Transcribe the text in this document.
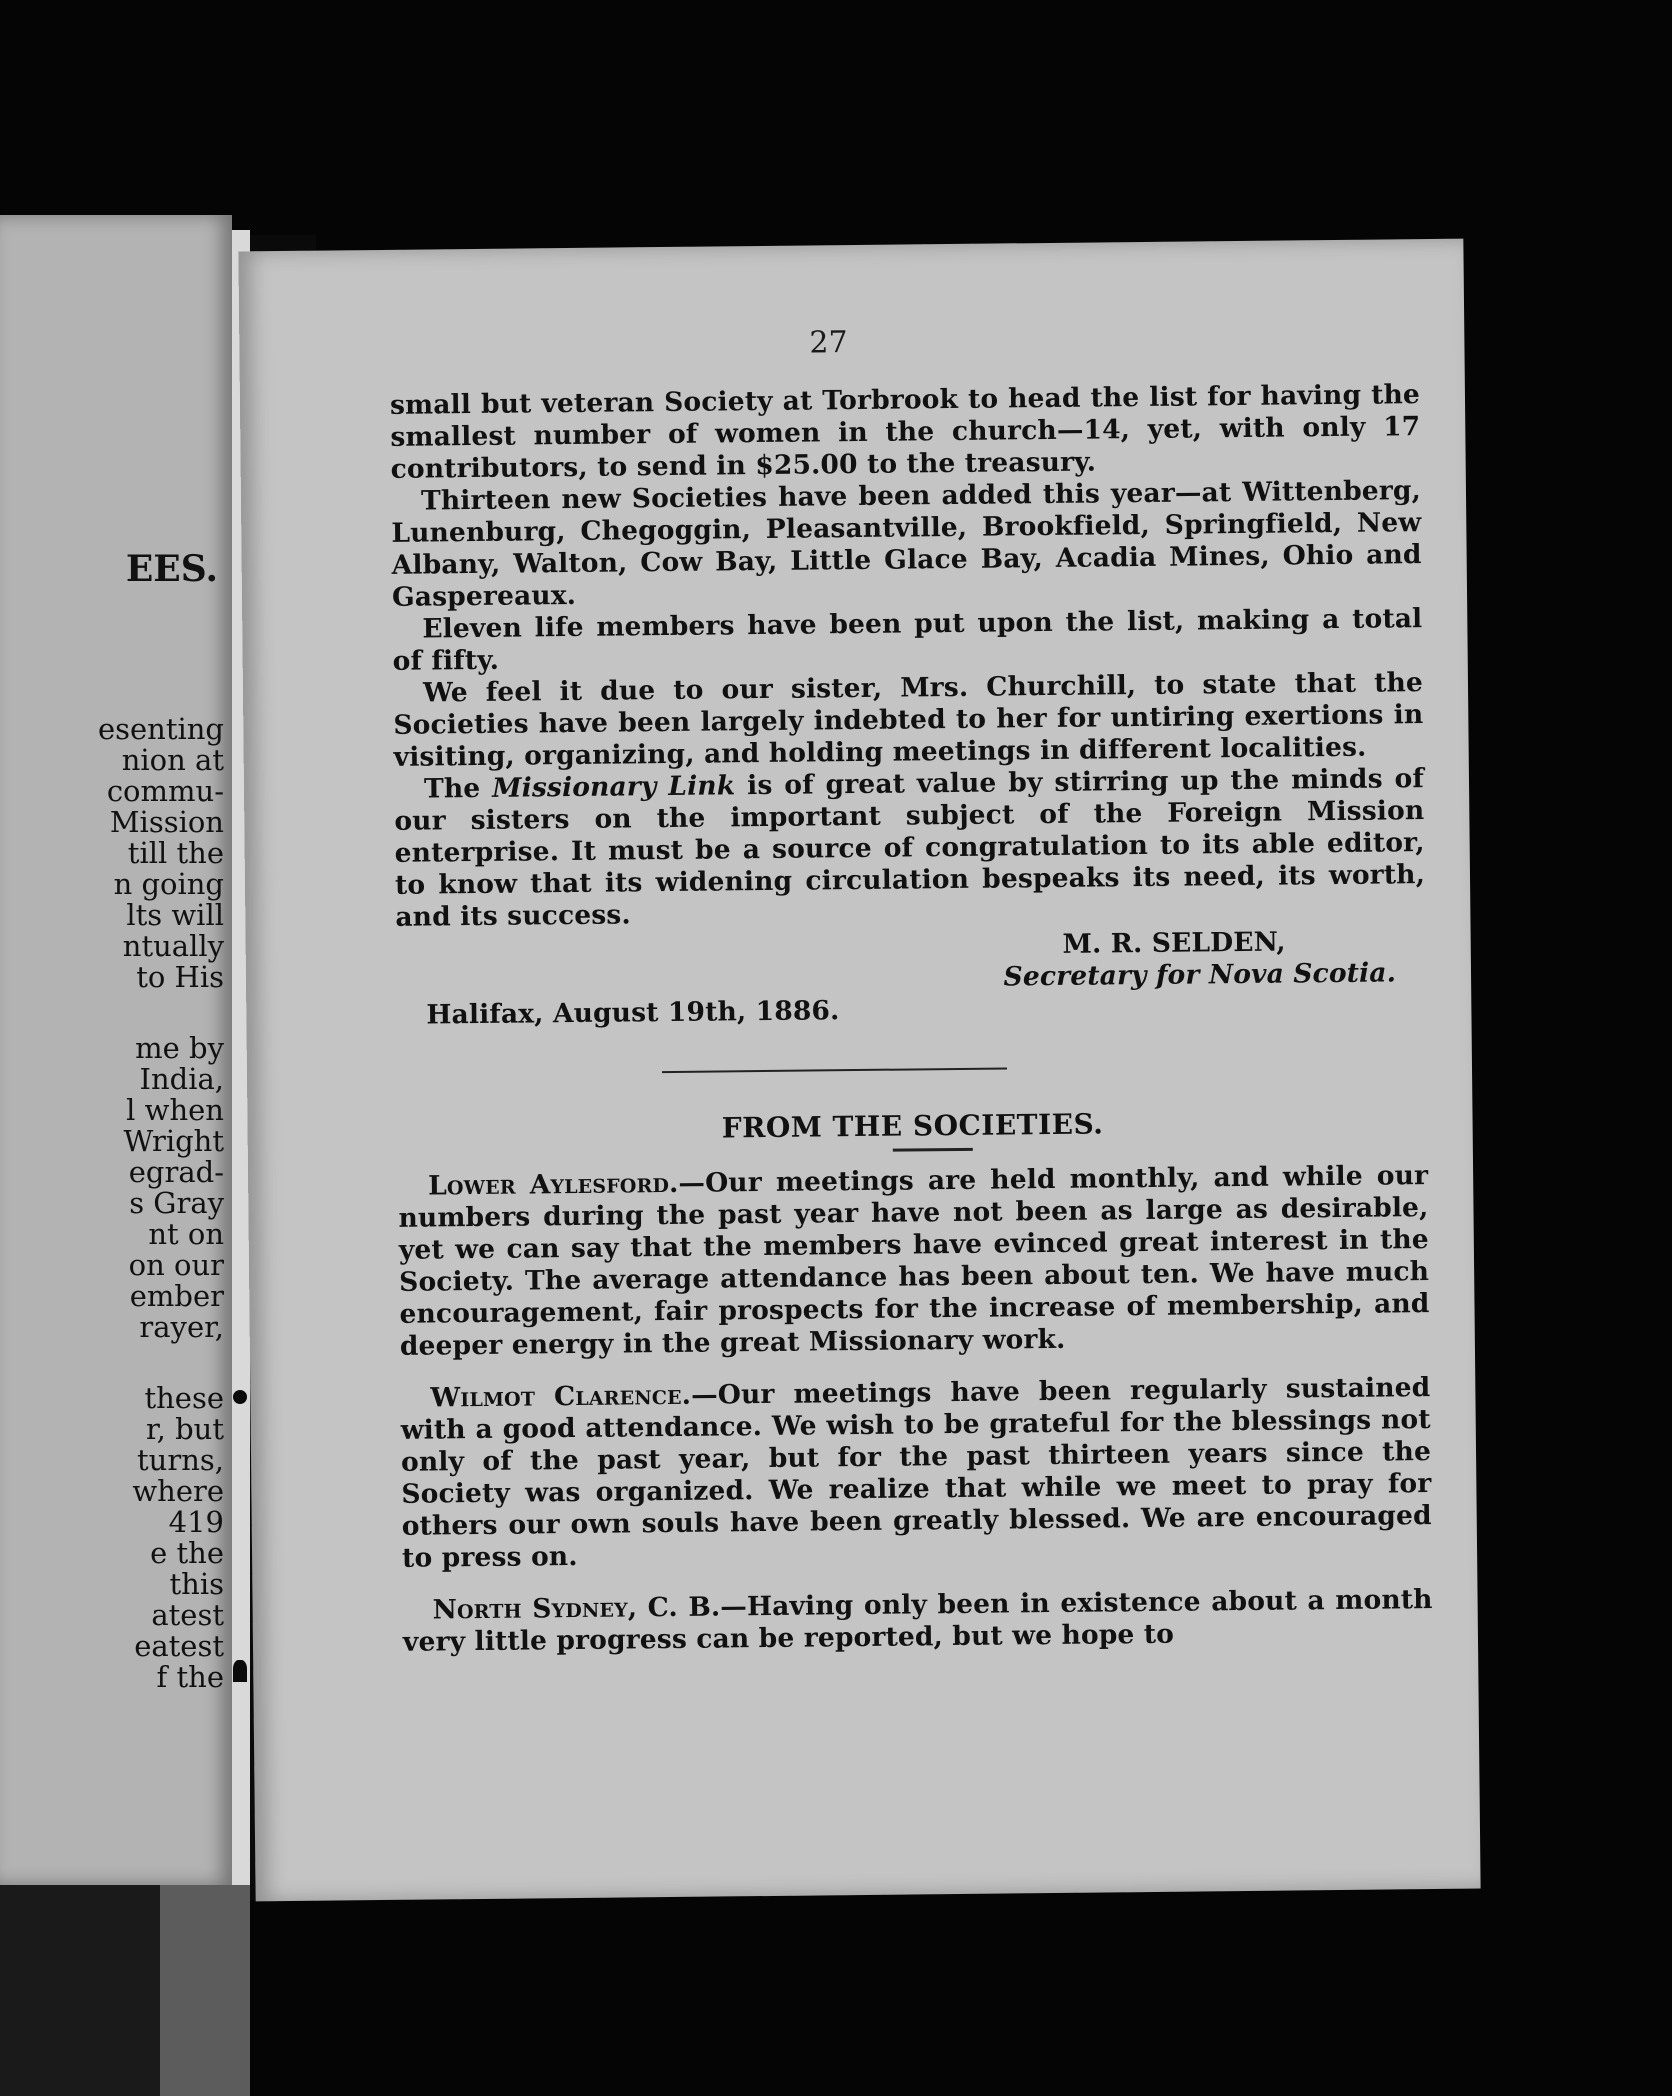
EES.
esenting
nion at
commu-
Mission
till the
n going
lts will
ntually
to His
me by
India,
l when
Wright
egrad-
s Gray
nt on
on our
ember
rayer,
these
r, but
turns,
where
419
e the
this
atest
eatest
f the
27

small but veteran Society at Torbrook to head the list for having the smallest number of women in the church—14, yet, with only 17 contributors, to send in $25.00 to the treasury.

Thirteen new Societies have been added this year—at Wittenberg, Lunenburg, Chegoggin, Pleasantville, Brookfield, Springfield, New Albany, Walton, Cow Bay, Little Glace Bay, Acadia Mines, Ohio and Gaspereaux.

Eleven life members have been put upon the list, making a total of fifty.

We feel it due to our sister, Mrs. Churchill, to state that the Societies have been largely indebted to her for untiring exertions in visiting, organizing, and holding meetings in different localities.

The Missionary Link is of great value by stirring up the minds of our sisters on the important subject of the Foreign Mission enterprise. It must be a source of congratulation to its able editor, to know that its widening circulation bespeaks its need, its worth, and its success.

M. R. SELDEN,

Secretary for Nova Scotia.

Halifax, August 19th, 1886.

FROM THE SOCIETIES.

Lower Aylesford.—Our meetings are held monthly, and while our numbers during the past year have not been as large as desirable, yet we can say that the members have evinced great interest in the Society. The average attendance has been about ten. We have much encouragement, fair prospects for the increase of membership, and deeper energy in the great Missionary work.

Wilmot Clarence.—Our meetings have been regularly sustained with a good attendance. We wish to be grateful for the blessings not only of the past year, but for the past thirteen years since the Society was organized. We realize that while we meet to pray for others our own souls have been greatly blessed. We are encouraged to press on.

North Sydney, C. B.—Having only been in existence about a month very little progress can be reported, but we hope to
